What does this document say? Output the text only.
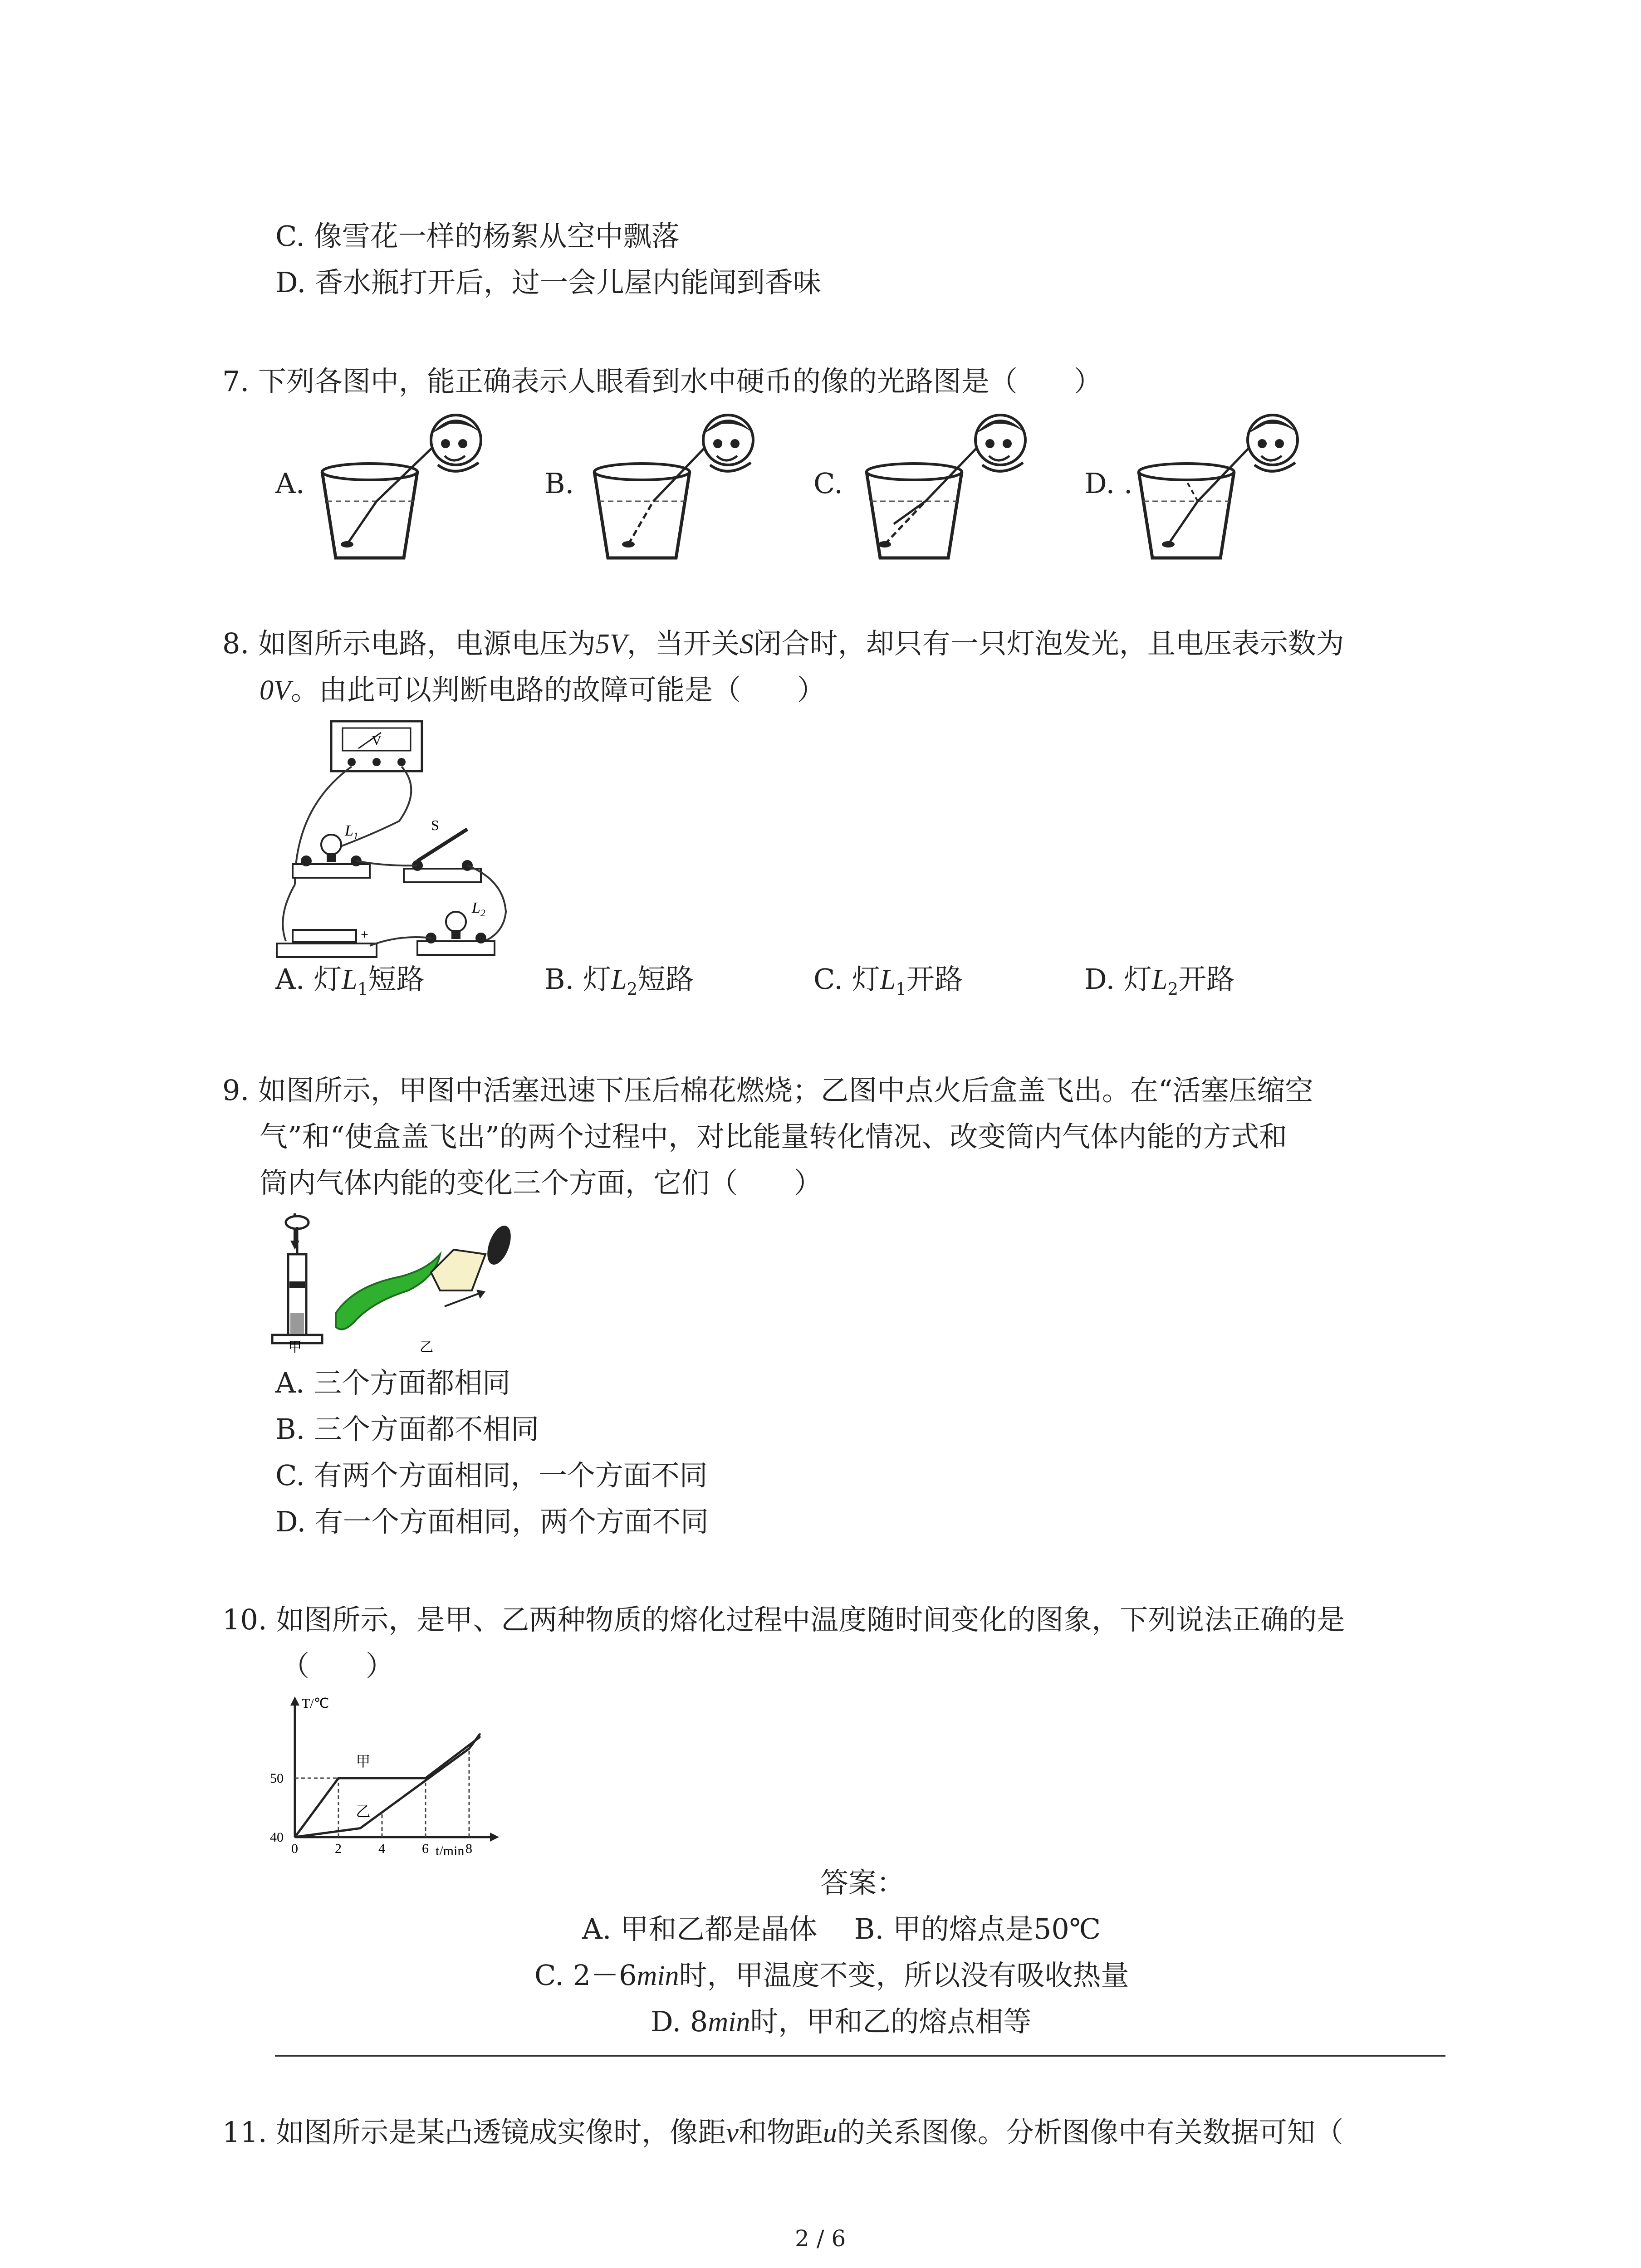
C. 像雪花一样的杨絮从空中飘落
D. 香水瓶打开后，过一会儿屋内能闻到香味
7. 下列各图中，能正确表示人眼看到水中硬币的像的光路图是（　　）
A.	B.	C.	D. .
8. 如图所示电路，电源电压为5V，当开关S闭合时，却只有一只灯泡发光，且电压表示数为
0V。由此可以判断电路的故障可能是（　　）
V
$L_1$
S
+
$L_2$
A. 灯$L_1$短路	B. 灯$L_2$短路	C. 灯$L_1$开路	D. 灯$L_2$开路
9. 如图所示，甲图中活塞迅速下压后棉花燃烧；乙图中点火后盒盖飞出。在“活塞压缩空
气”和“使盒盖飞出”的两个过程中，对比能量转化情况、改变筒内气体内能的方式和
筒内气体内能的变化三个方面，它们（　　）
甲	乙
A. 三个方面都相同
B. 三个方面都不相同
C. 有两个方面相同，一个方面不同
D. 有一个方面相同，两个方面不同
10. 如图所示，是甲、乙两种物质的熔化过程中温度随时间变化的图象，下列说法正确的是
（　　）
T/℃
t/min
0	2	4	6	8
40
50
甲
乙
答案：
A. 甲和乙都是晶体　 B. 甲的熔点是50℃
C. 2－6min时，甲温度不变，所以没有吸收热量
D. 8min时，甲和乙的熔点相等
11. 如图所示是某凸透镜成实像时，像距v和物距u的关系图像。分析图像中有关数据可知（
2 / 6
